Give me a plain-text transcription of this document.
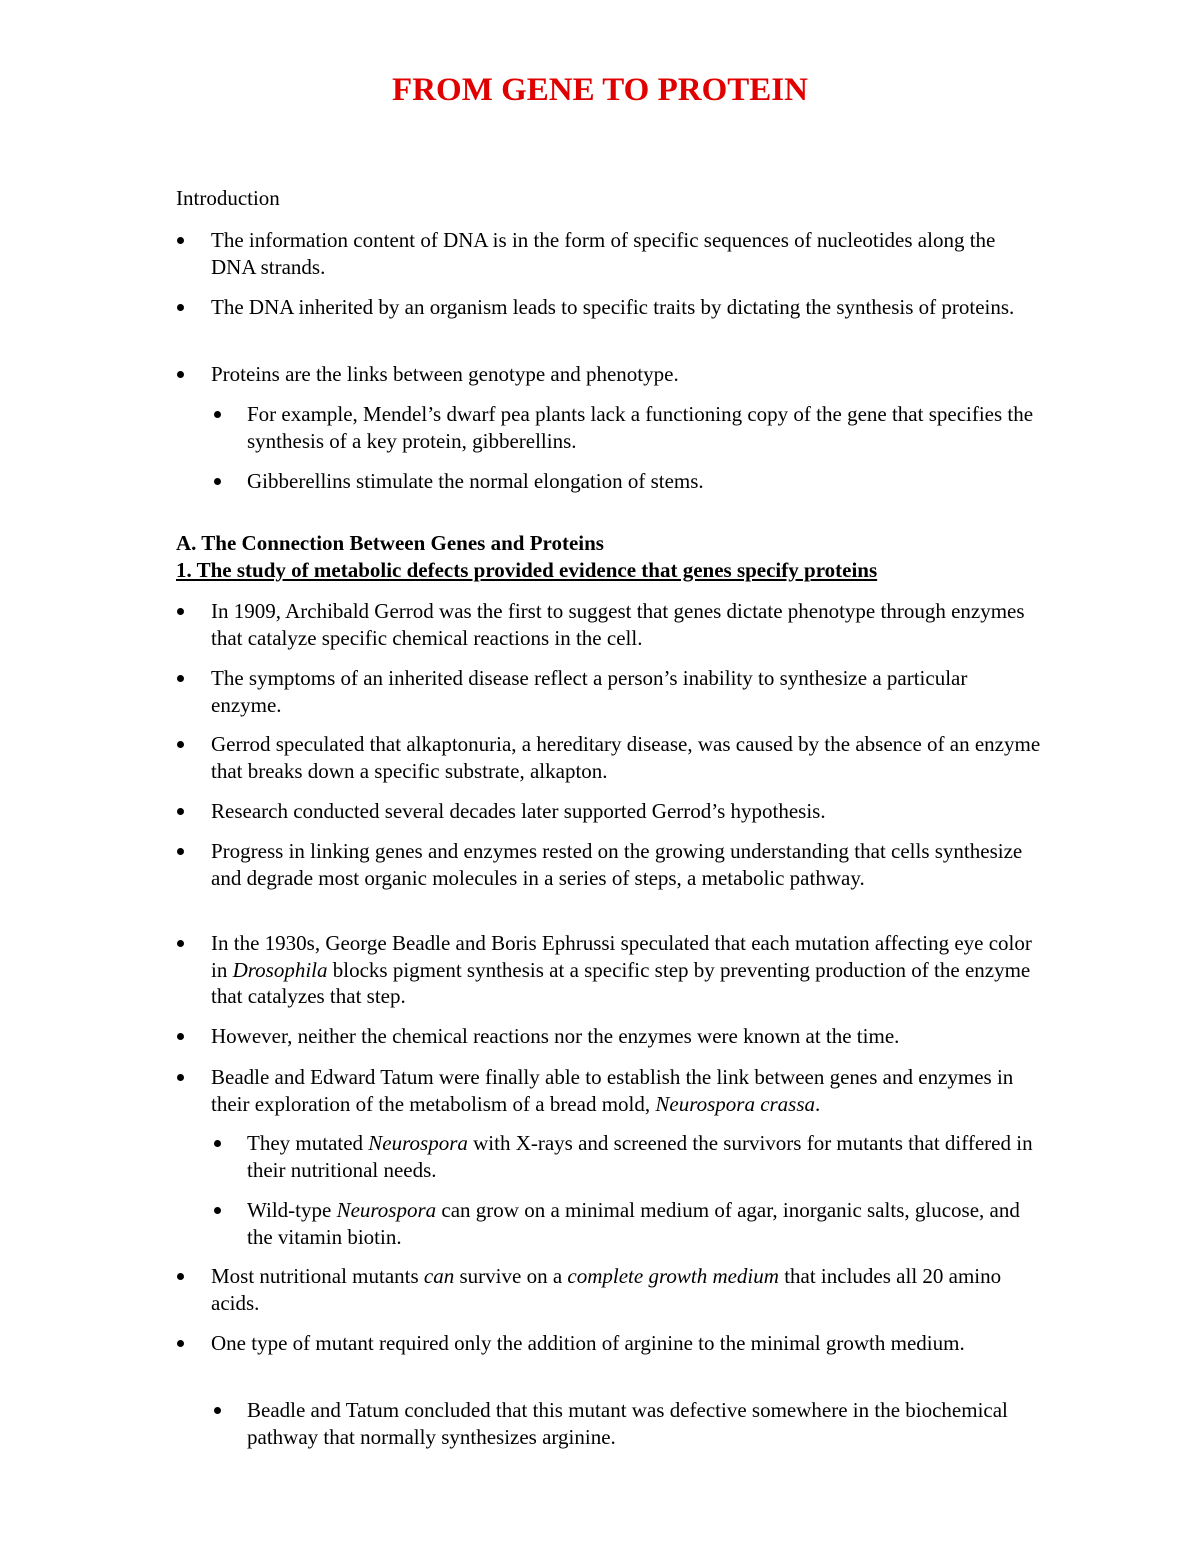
FROM GENE TO PROTEIN

Introduction

The information content of DNA is in the form of specific sequences of nucleotides along the DNA strands.

The DNA inherited by an organism leads to specific traits by dictating the synthesis of proteins.

Proteins are the links between genotype and phenotype.

For example, Mendel’s dwarf pea plants lack a functioning copy of the gene that specifies the synthesis of a key protein, gibberellins.

Gibberellins stimulate the normal elongation of stems.

A. The Connection Between Genes and Proteins

1. The study of metabolic defects provided evidence that genes specify proteins

In 1909, Archibald Gerrod was the first to suggest that genes dictate phenotype through enzymes that catalyze specific chemical reactions in the cell.

The symptoms of an inherited disease reflect a person’s inability to synthesize a particular enzyme.

Gerrod speculated that alkaptonuria, a hereditary disease, was caused by the absence of an enzyme that breaks down a specific substrate, alkapton.

Research conducted several decades later supported Gerrod’s hypothesis.

Progress in linking genes and enzymes rested on the growing understanding that cells synthesize and degrade most organic molecules in a series of steps, a metabolic pathway.

In the 1930s, George Beadle and Boris Ephrussi speculated that each mutation affecting eye color in Drosophila blocks pigment synthesis at a specific step by preventing production of the enzyme that catalyzes that step.

However, neither the chemical reactions nor the enzymes were known at the time.

Beadle and Edward Tatum were finally able to establish the link between genes and enzymes in their exploration of the metabolism of a bread mold, Neurospora crassa.

They mutated Neurospora with X-rays and screened the survivors for mutants that differed in their nutritional needs.

Wild-type Neurospora can grow on a minimal medium of agar, inorganic salts, glucose, and the vitamin biotin.

Most nutritional mutants can survive on a complete growth medium that includes all 20 amino acids.

One type of mutant required only the addition of arginine to the minimal growth medium.

Beadle and Tatum concluded that this mutant was defective somewhere in the biochemical pathway that normally synthesizes arginine.
